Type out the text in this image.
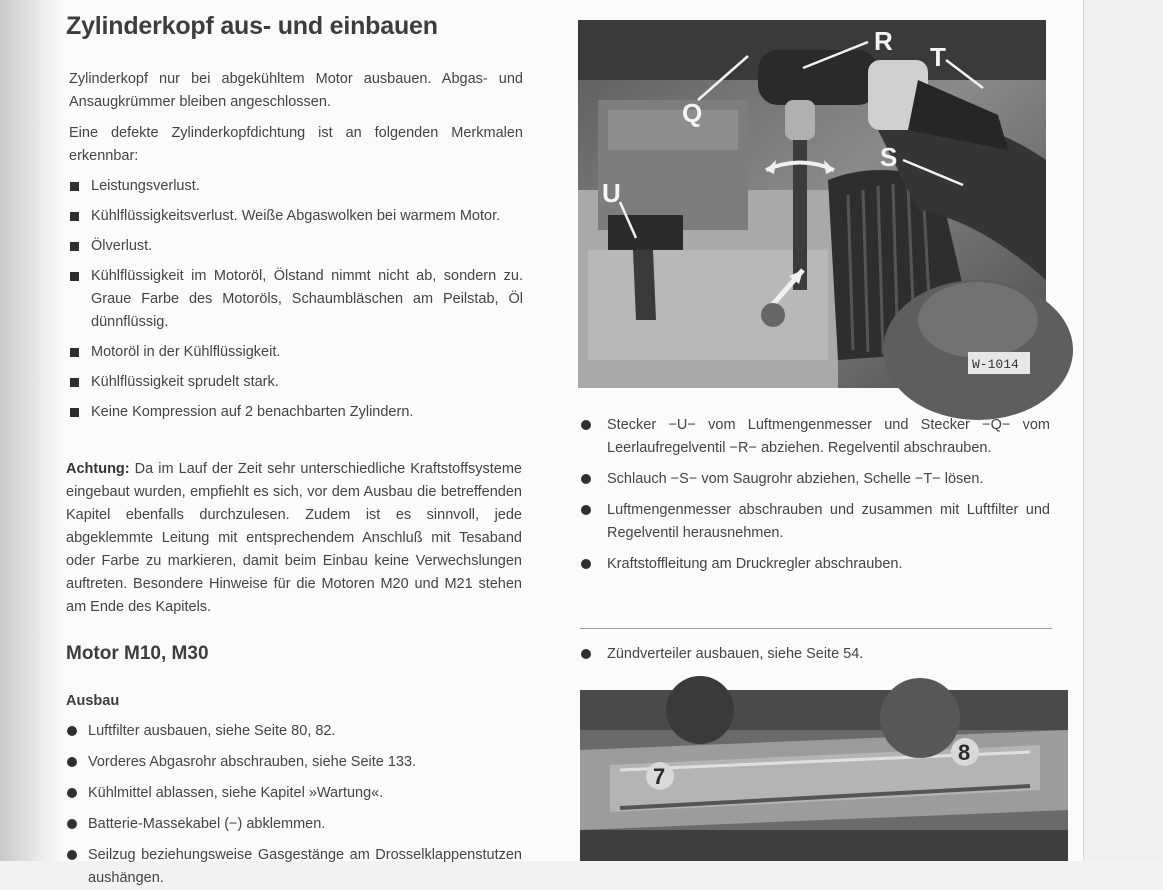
Zylinderkopf aus- und einbauen

Zylinderkopf nur bei abgekühltem Motor ausbauen. Abgas- und Ansaugkrümmer bleiben angeschlossen.

Eine defekte Zylinderkopfdichtung ist an folgenden Merkmalen erkennbar:

Leistungsverlust.
Kühlflüssigkeitsverlust. Weiße Abgaswolken bei warmem Motor.
Ölverlust.
Kühlflüssigkeit im Motoröl, Ölstand nimmt nicht ab, sondern zu. Graue Farbe des Motoröls, Schaumbläschen am Peilstab, Öl dünnflüssig.
Motoröl in der Kühlflüssigkeit.
Kühlflüssigkeit sprudelt stark.
Keine Kompression auf 2 benachbarten Zylindern.
Achtung: Da im Lauf der Zeit sehr unterschiedliche Kraftstoffsysteme eingebaut wurden, empfiehlt es sich, vor dem Ausbau die betreffenden Kapitel ebenfalls durchzulesen. Zudem ist es sinnvoll, jede abgeklemmte Leitung mit entsprechendem Anschluß mit Tesaband oder Farbe zu markieren, damit beim Einbau keine Verwechslungen auftreten. Besondere Hinweise für die Motoren M20 und M21 stehen am Ende des Kapitels.
Motor M10, M30
Ausbau
Luftfilter ausbauen, siehe Seite 80, 82.
Vorderes Abgasrohr abschrauben, siehe Seite 133.
Kühlmittel ablassen, siehe Kapitel »Wartung«.
Batterie-Massekabel (−) abklemmen.
Seilzug beziehungsweise Gasgestänge am Drosselklappenstutzen aushängen.
Q
R
T
S
U
W-1014
Stecker −U− vom Luftmengenmesser und Stecker −Q− vom Leerlaufregelventil −R− abziehen. Regelventil abschrauben.
Schlauch −S− vom Saugrohr abziehen, Schelle −T− lösen.
Luftmengenmesser abschrauben und zusammen mit Luftfilter und Regelventil herausnehmen.
Kraftstoffleitung am Druckregler abschrauben.
Zündverteiler ausbauen, siehe Seite 54.
7
8
